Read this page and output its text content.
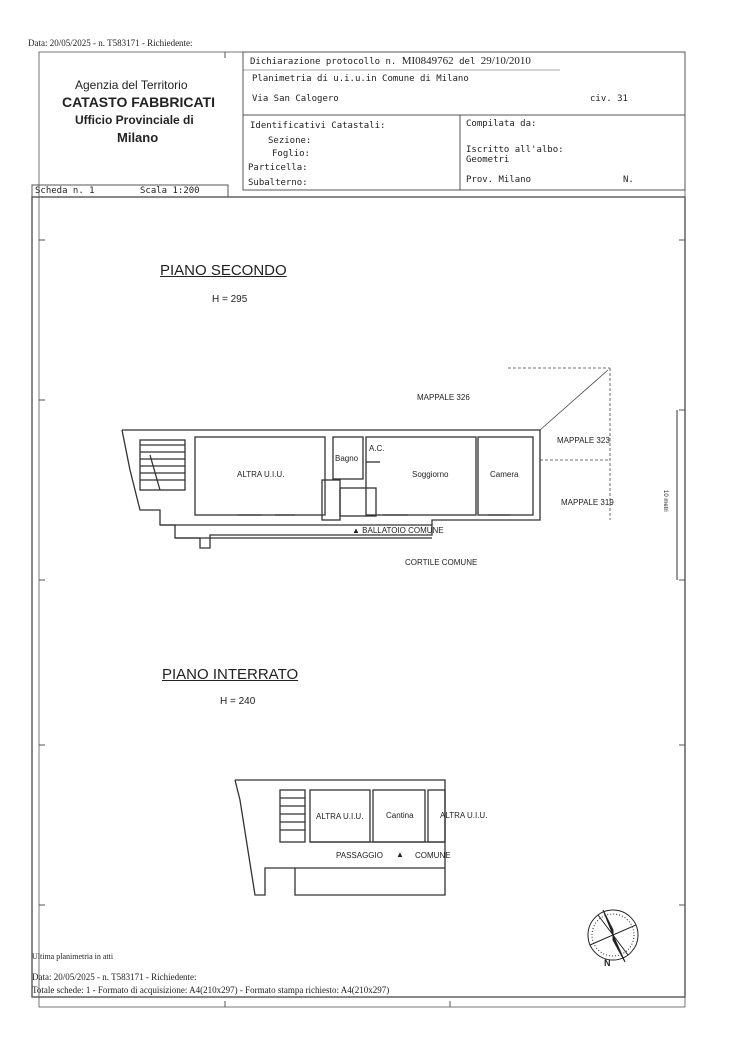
Data: 20/05/2025 - n. T583171 - Richiedente:
Agenzia del Territorio
CATASTO FABBRICATI
Ufficio Provinciale di
Milano
Dichiarazione protocollo n. MI0849762 del 29/10/2010
Planimetria di u.i.u.in Comune di Milano
Via San Calogero	civ. 31
Identificativi Catastali:
Sezione:
Foglio:
Particella:
Subalterno:
Compilata da:
Iscritto all'albo:
Geometri
Prov. Milano	N.
Scheda n. 1	Scala 1:200
PIANO SECONDO
H = 295
MAPPALE 326
MAPPALE 323
MAPPALE 319
ALTRA U.I.U.
Bagno
A.C.
Soggiorno	Camera
▲ BALLATOIO COMUNE
CORTILE COMUNE
PIANO INTERRATO
H = 240
ALTRA U.I.U.	Cantina	ALTRA U.I.U.
PASSAGGIO ▲ COMUNE
10 metri
N
Ultima planimetria in atti
Data: 20/05/2025 - n. T583171 - Richiedente:
Totale schede: 1 - Formato di acquisizione: A4(210x297) - Formato stampa richiesto: A4(210x297)
